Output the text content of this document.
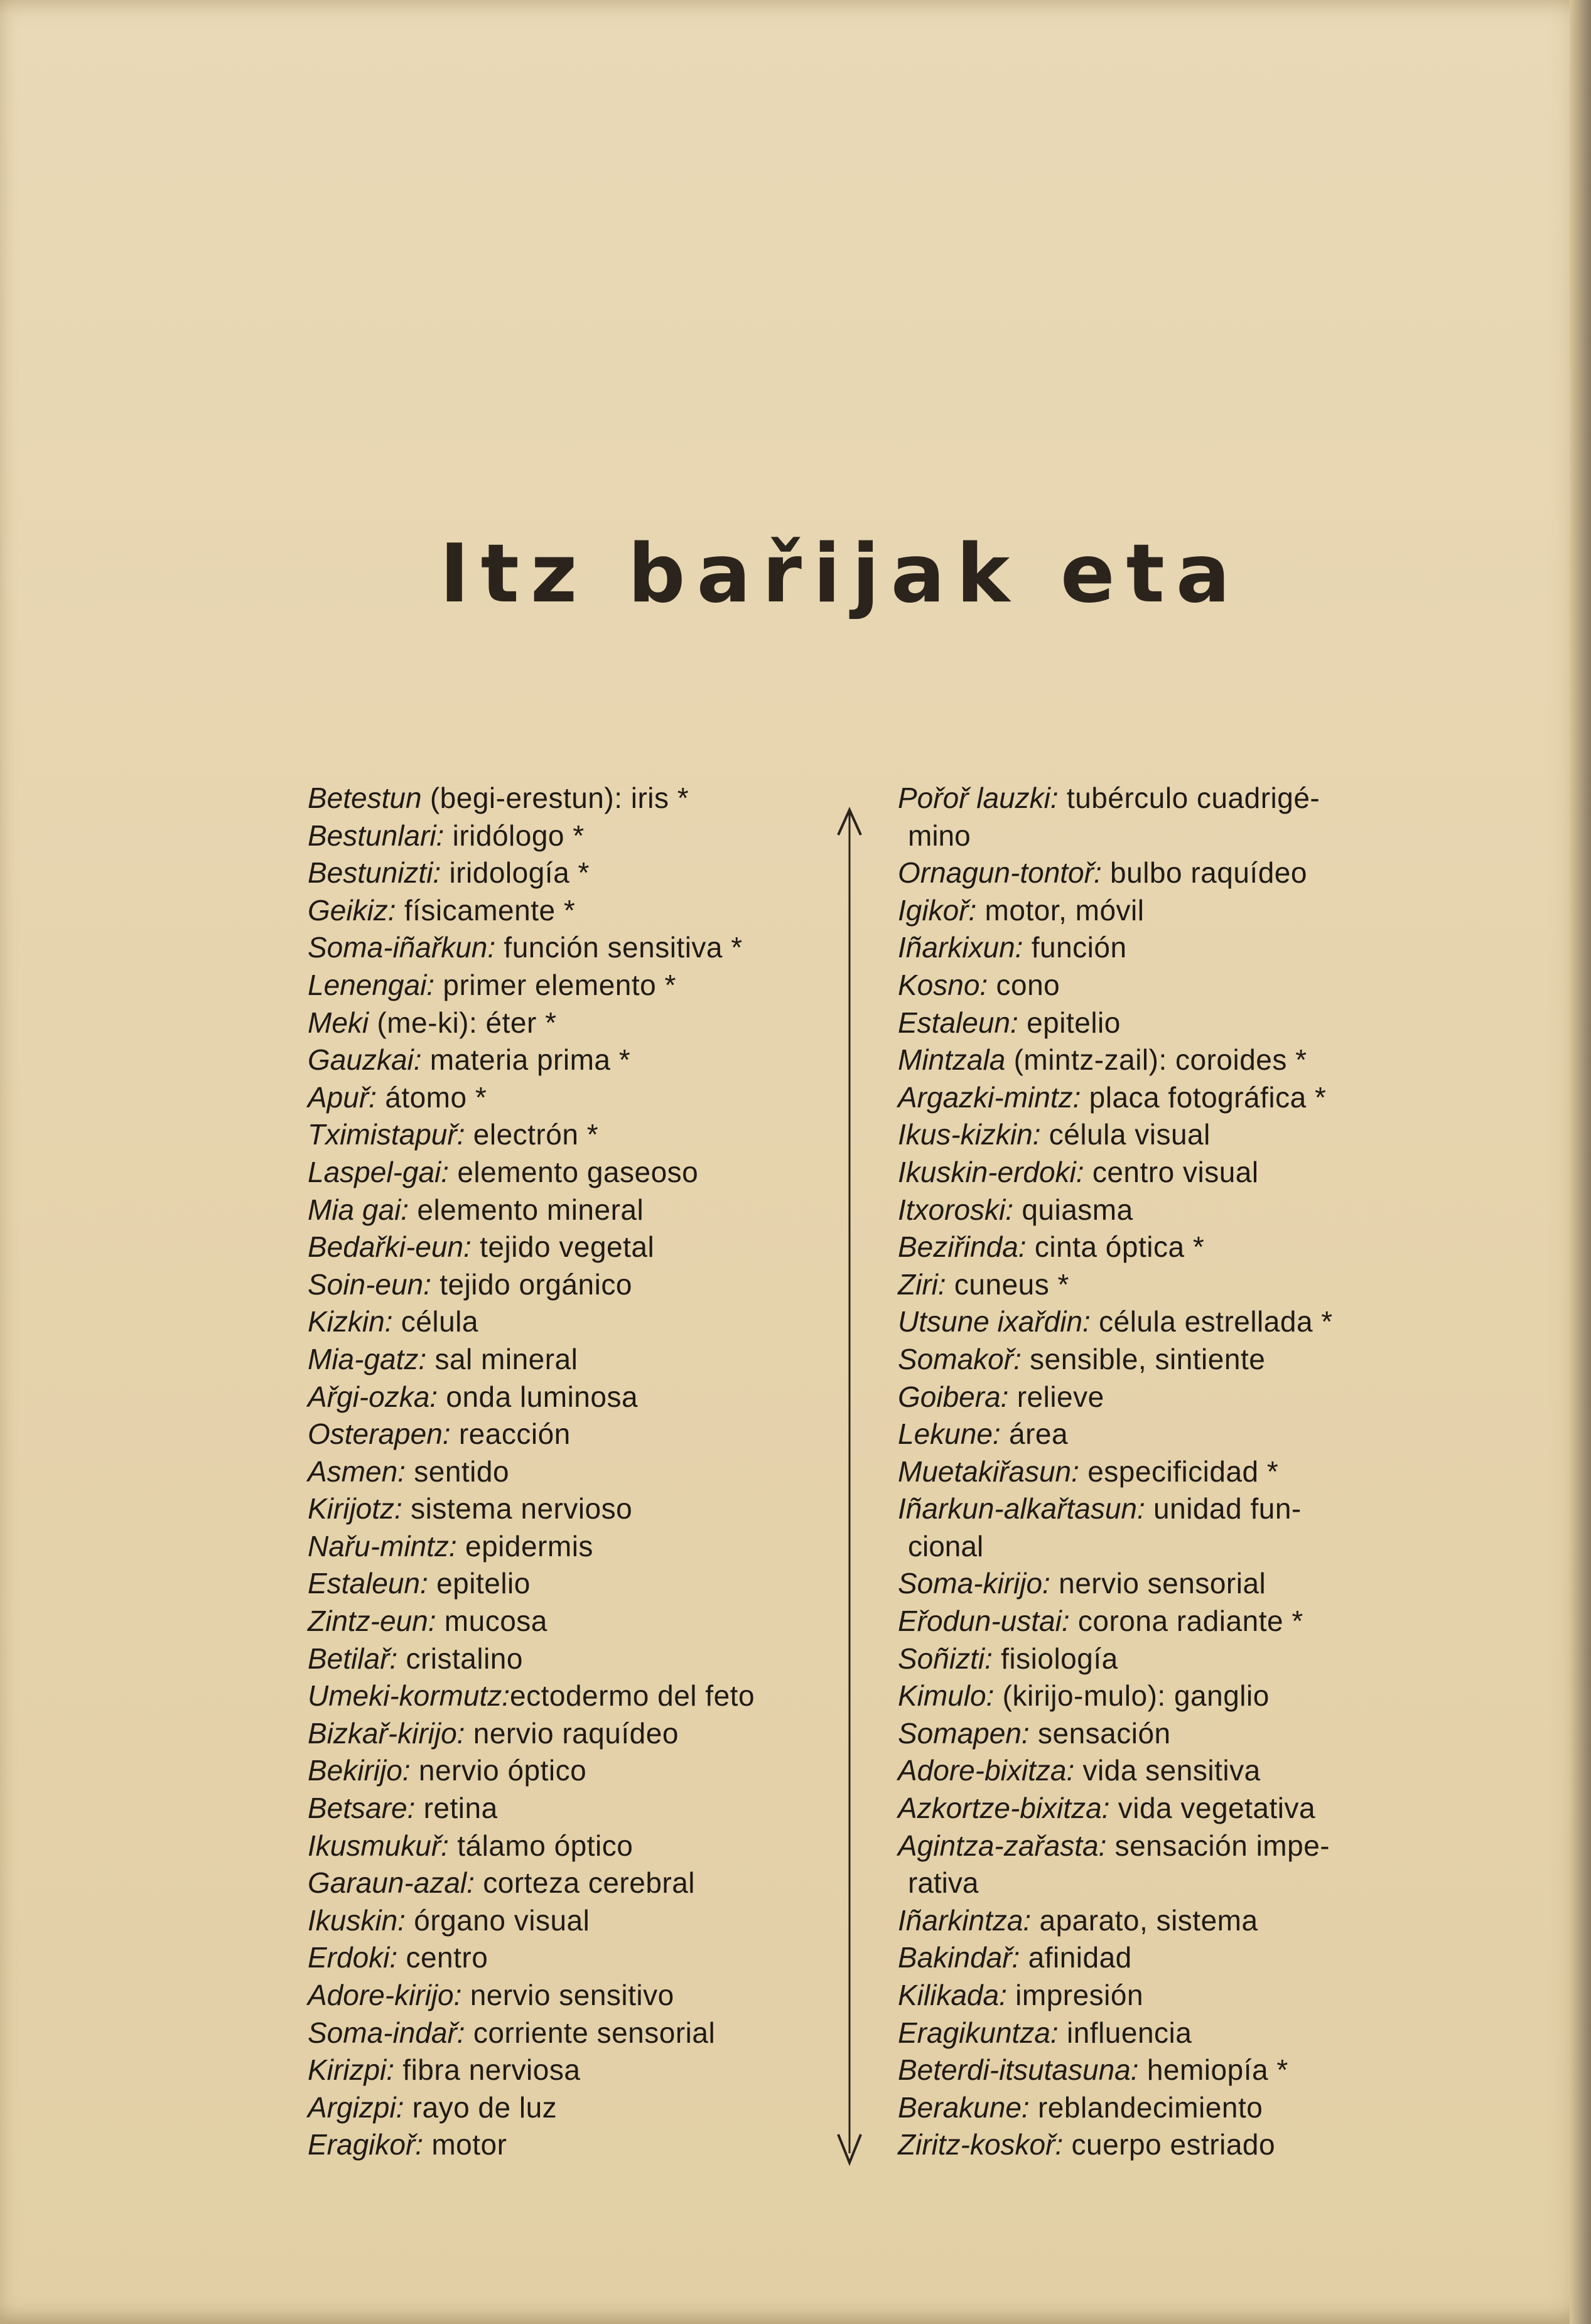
Itz bařijak eta
Betestun (begi-erestun): iris *
Bestunlari: iridólogo *
Bestunizti: iridología *
Geikiz: físicamente *
Soma-iñařkun: función sensitiva *
Lenengai: primer elemento *
Meki (me-ki): éter *
Gauzkai: materia prima *
Apuř: átomo *
Tximistapuř: electrón *
Laspel-gai: elemento gaseoso
Mia gai: elemento mineral
Bedařki-eun: tejido vegetal
Soin-eun: tejido orgánico
Kizkin: célula
Mia-gatz: sal mineral
Ařgi-ozka: onda luminosa
Osterapen: reacción
Asmen: sentido
Kirijotz: sistema nervioso
Nařu-mintz: epidermis
Estaleun: epitelio
Zintz-eun: mucosa
Betilař: cristalino
Umeki-kormutz:ectodermo del feto
Bizkař-kirijo: nervio raquídeo
Bekirijo: nervio óptico
Betsare: retina
Ikusmukuř: tálamo óptico
Garaun-azal: corteza cerebral
Ikuskin: órgano visual
Erdoki: centro
Adore-kirijo: nervio sensitivo
Soma-indař: corriente sensorial
Kirizpi: fibra nerviosa
Argizpi: rayo de luz
Eragikoř: motor
Pořoř lauzki: tubérculo cuadrigé-
mino
Ornagun-tontoř: bulbo raquídeo
Igikoř: motor, móvil
Iñarkixun: función
Kosno: cono
Estaleun: epitelio
Mintzala (mintz-zail): coroides *
Argazki-mintz: placa fotográfica *
Ikus-kizkin: célula visual
Ikuskin-erdoki: centro visual
Itxoroski: quiasma
Beziřinda: cinta óptica *
Ziri: cuneus *
Utsune ixařdin: célula estrellada *
Somakoř: sensible, sintiente
Goibera: relieve
Lekune: área
Muetakiřasun: especificidad *
Iñarkun-alkařtasun: unidad fun-
cional
Soma-kirijo: nervio sensorial
Eřodun-ustai: corona radiante *
Soñizti: fisiología
Kimulo: (kirijo-mulo): ganglio
Somapen: sensación
Adore-bixitza: vida sensitiva
Azkortze-bixitza: vida vegetativa
Agintza-zařasta: sensación impe-
rativa
Iñarkintza: aparato, sistema
Bakindař: afinidad
Kilikada: impresión
Eragikuntza: influencia
Beterdi-itsutasuna: hemiopía *
Berakune: reblandecimiento
Ziritz-koskoř: cuerpo estriado
